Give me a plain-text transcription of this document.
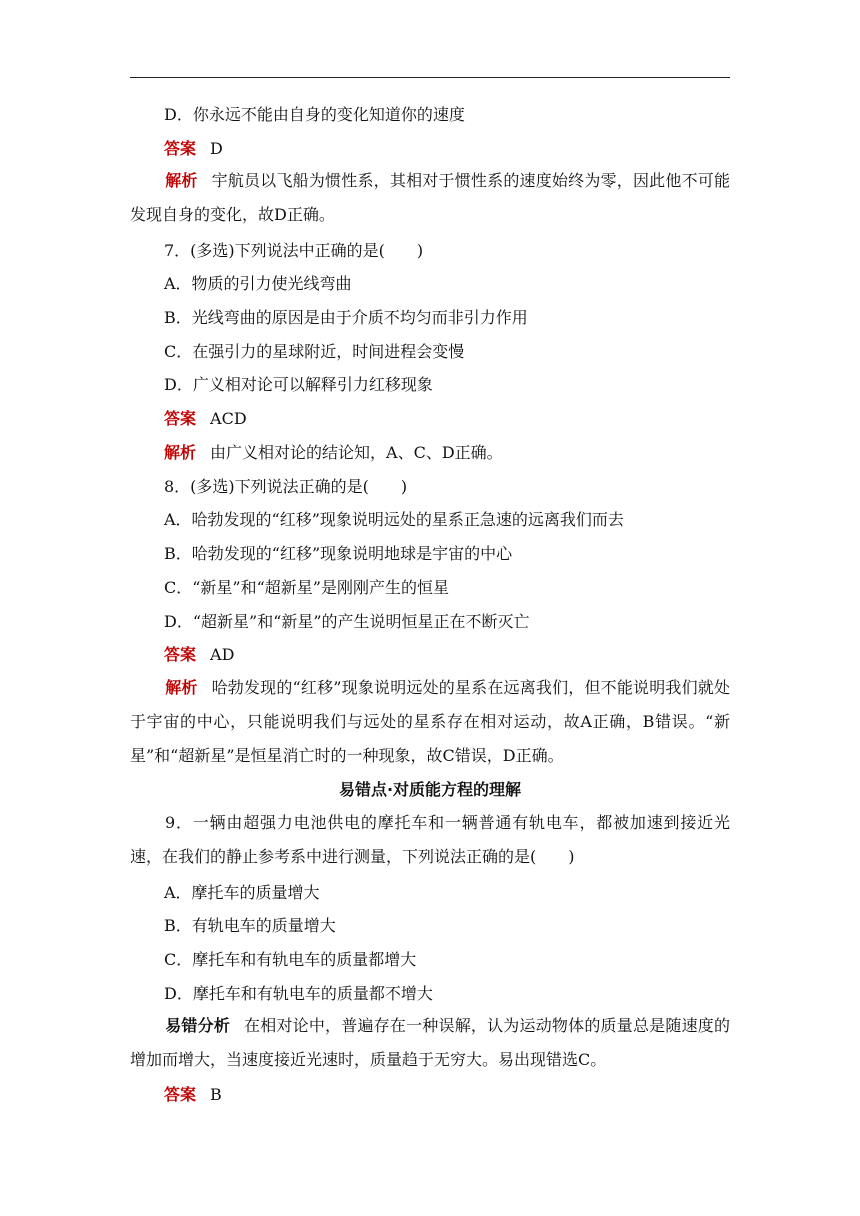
D．你永远不能由自身的变化知道你的速度
答案 D
解析 宇航员以飞船为惯性系，其相对于惯性系的速度始终为零，因此他不可能发现自身的变化，故D正确。
7．(多选)下列说法中正确的是(　　)
A．物质的引力使光线弯曲
B．光线弯曲的原因是由于介质不均匀而非引力作用
C．在强引力的星球附近，时间进程会变慢
D．广义相对论可以解释引力红移现象
答案 ACD
解析 由广义相对论的结论知，A、C、D正确。
8．(多选)下列说法正确的是(　　)
A．哈勃发现的“红移”现象说明远处的星系正急速的远离我们而去
B．哈勃发现的“红移”现象说明地球是宇宙的中心
C．“新星”和“超新星”是刚刚产生的恒星
D．“超新星”和“新星”的产生说明恒星正在不断灭亡
答案 AD
解析 哈勃发现的“红移”现象说明远处的星系在远离我们，但不能说明我们就处于宇宙的中心，只能说明我们与远处的星系存在相对运动，故A正确，B错误。“新星”和“超新星”是恒星消亡时的一种现象，故C错误，D正确。
易错点·对质能方程的理解
9．一辆由超强力电池供电的摩托车和一辆普通有轨电车，都被加速到接近光速，在我们的静止参考系中进行测量，下列说法正确的是(　　)
A．摩托车的质量增大
B．有轨电车的质量增大
C．摩托车和有轨电车的质量都增大
D．摩托车和有轨电车的质量都不增大
易错分析 在相对论中，普遍存在一种误解，认为运动物体的质量总是随速度的增加而增大，当速度接近光速时，质量趋于无穷大。易出现错选C。
答案 B
